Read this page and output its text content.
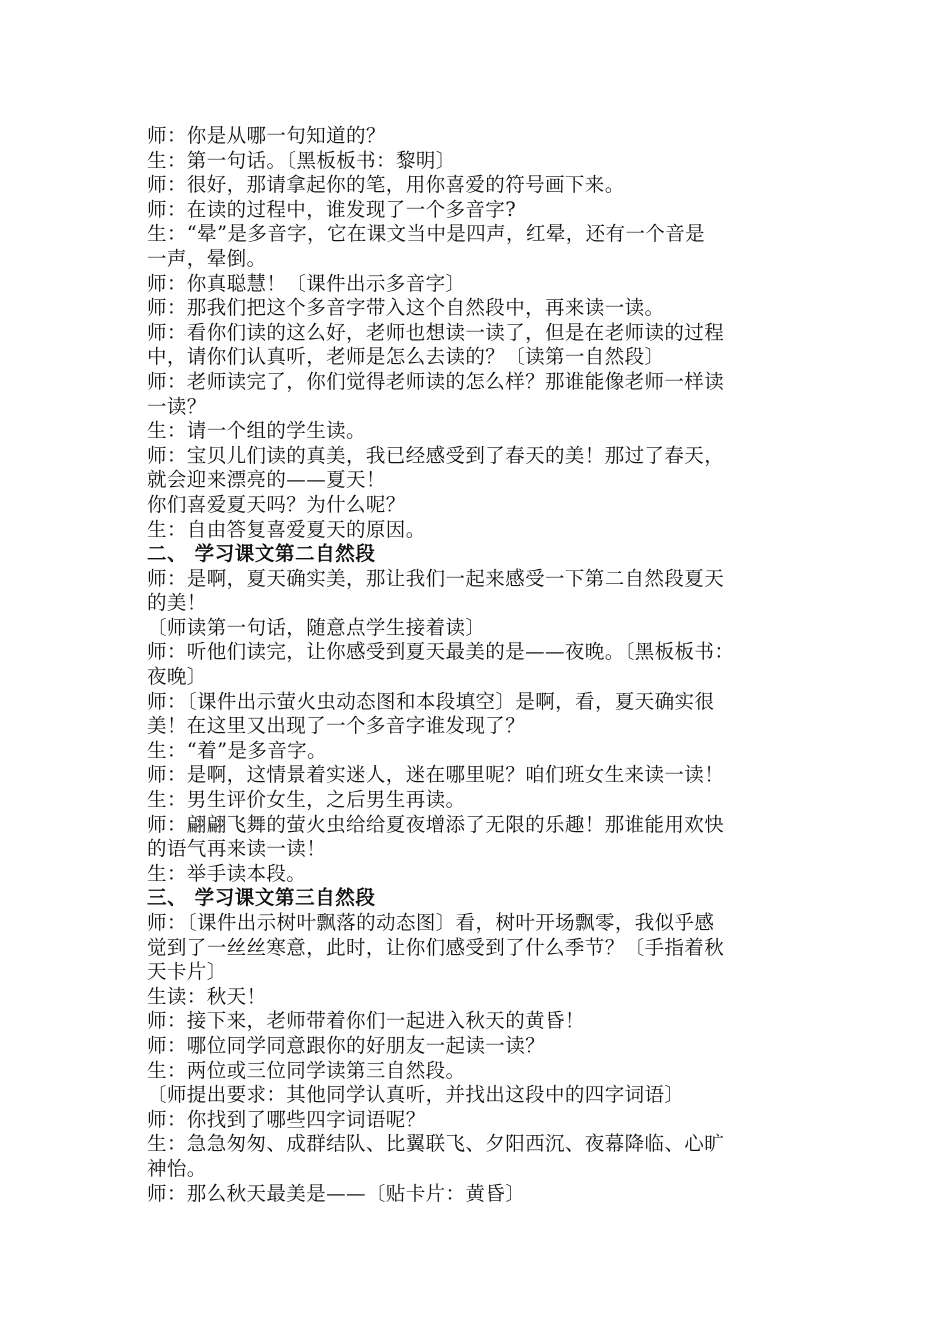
师：你是从哪一句知道的？
生：第一句话。〔黑板板书：黎明〕
师：很好，那请拿起你的笔，用你喜爱的符号画下来。
师：在读的过程中，谁发现了一个多音字?
生：“晕”是多音字，它在课文当中是四声，红晕，还有一个音是
一声，晕倒。
师：你真聪慧！〔课件出示多音字〕
师：那我们把这个多音字带入这个自然段中，再来读一读。
师：看你们读的这么好，老师也想读一读了，但是在老师读的过程
中，请你们认真听，老师是怎么去读的？〔读第一自然段〕
师：老师读完了，你们觉得老师读的怎么样？那谁能像老师一样读
一读？
生：请一个组的学生读。
师：宝贝儿们读的真美，我已经感受到了春天的美！那过了春天，
就会迎来漂亮的——夏天！
你们喜爱夏天吗？为什么呢？
生：自由答复喜爱夏天的原因。
二、 学习课文第二自然段
师：是啊，夏天确实美，那让我们一起来感受一下第二自然段夏天
的美！
〔师读第一句话，随意点学生接着读〕
师：听他们读完，让你感受到夏天最美的是——夜晚。〔黑板板书：
夜晚〕
师：〔课件出示萤火虫动态图和本段填空〕是啊，看，夏天确实很
美！在这里又出现了一个多音字谁发现了？
生：“着”是多音字。
师：是啊，这情景着实迷人，迷在哪里呢？咱们班女生来读一读！
生：男生评价女生，之后男生再读。
师：翩翩飞舞的萤火虫给给夏夜增添了无限的乐趣！那谁能用欢快
的语气再来读一读！
生：举手读本段。
三、 学习课文第三自然段
师：〔课件出示树叶飘落的动态图〕看，树叶开场飘零，我似乎感
觉到了一丝丝寒意，此时，让你们感受到了什么季节？〔手指着秋
天卡片〕
生读：秋天！
师：接下来，老师带着你们一起进入秋天的黄昏！
师：哪位同学同意跟你的好朋友一起读一读？
生：两位或三位同学读第三自然段。
〔师提出要求：其他同学认真听，并找出这段中的四字词语〕
师：你找到了哪些四字词语呢？
生：急急匆匆、成群结队、比翼联飞、夕阳西沉、夜幕降临、心旷
神怡。
师：那么秋天最美是——〔贴卡片：黄昏〕
